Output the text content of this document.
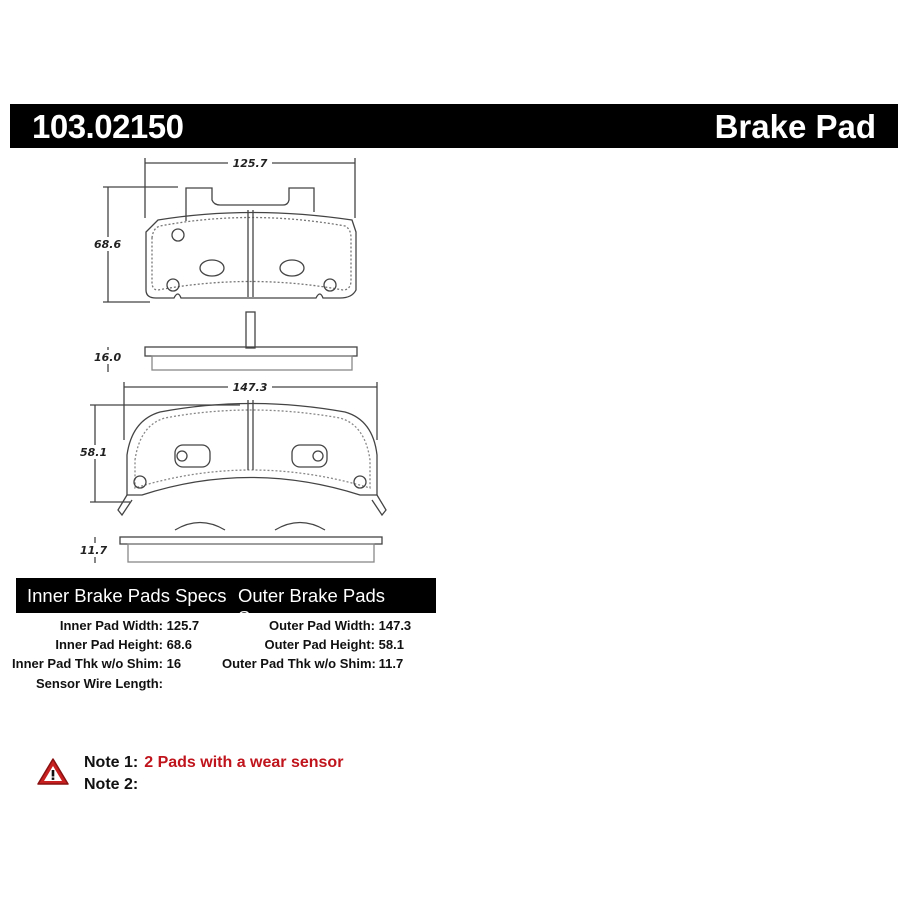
103.02150	Brake Pad
125.7
68.6
16.0
147.3
58.1
11.7
Inner Brake Pads Specs Outer Brake Pads Specs
Inner Pad Width: 125.7
Inner Pad Height: 68.6
Inner Pad Thk w/o Shim: 16
Sensor Wire Length:
Outer Pad Width: 147.3
Outer Pad Height: 58.1
Outer Pad Thk w/o Shim: 11.7
Note 1: 2 Pads with a wear sensor
Note 2:
